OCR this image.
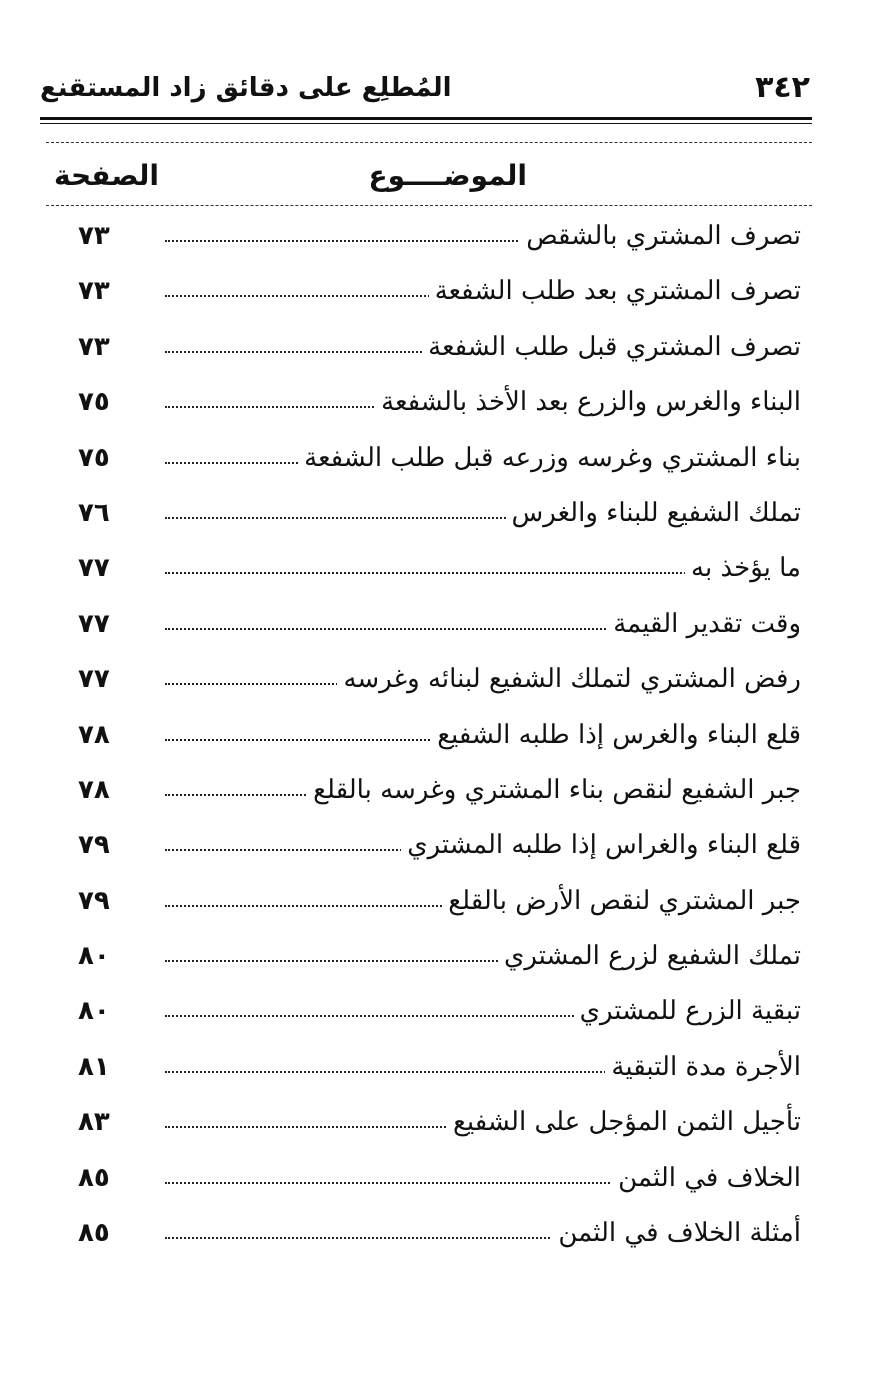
٣٤٢
المُطلِع على دقائق زاد المستقنع
الموضــــوع
الصفحة
تصرف المشتري بالشقص
٧٣
تصرف المشتري بعد طلب الشفعة
٧٣
تصرف المشتري قبل طلب الشفعة
٧٣
البناء والغرس والزرع بعد الأخذ بالشفعة
٧٥
بناء المشتري وغرسه وزرعه قبل طلب الشفعة
٧٥
تملك الشفيع للبناء والغرس
٧٦
ما يؤخذ به
٧٧
وقت تقدير القيمة
٧٧
رفض المشتري لتملك الشفيع لبنائه وغرسه
٧٧
قلع البناء والغرس إذا طلبه الشفيع
٧٨
جبر الشفيع لنقص بناء المشتري وغرسه بالقلع
٧٨
قلع البناء والغراس إذا طلبه المشتري
٧٩
جبر المشتري لنقص الأرض بالقلع
٧٩
تملك الشفيع لزرع المشتري
٨٠
تبقية الزرع للمشتري
٨٠
الأجرة مدة التبقية
٨١
تأجيل الثمن المؤجل على الشفيع
٨٣
الخلاف في الثمن
٨٥
أمثلة الخلاف في الثمن
٨٥
